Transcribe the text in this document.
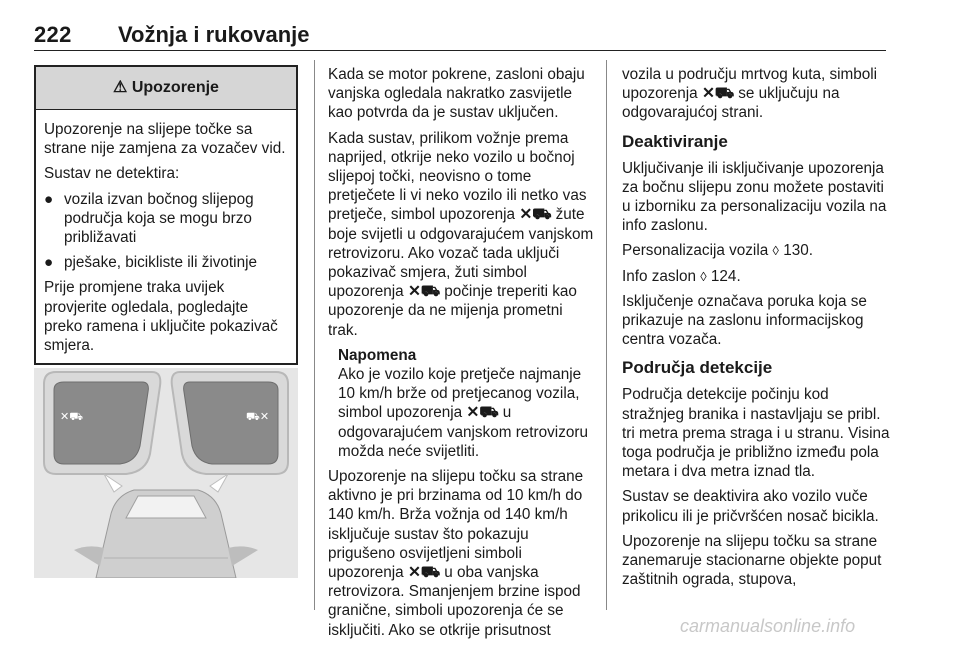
222 Vožnja i rukovanje
⚠ Upozorenje

Upozorenje na slijepe točke sa strane nije zamjena za vozačev vid.

Sustav ne detektira:

● vozila izvan bočnog slijepog područja koja se mogu brzo približavati
● pješake, bicikliste ili životinje

Prije promjene traka uvijek provjerite ogledala, pogledajte preko ramena i uključite pokazivač smjera.

✕⛟	⛟✕

Kada se motor pokrene, zasloni obaju vanjska ogledala nakratko zasvijetle kao potvrda da je sustav uključen.

Kada sustav, prilikom vožnje prema naprijed, otkrije neko vozilo u bočnoj slijepoj točki, neovisno o tome pretječete li vi neko vozilo ili netko vas pretječe, simbol upozorenja ✕⛟ žute boje svijetli u odgovarajućem vanjskom retrovizoru. Ako vozač tada uključi pokazivač smjera, žuti simbol upozorenja ✕⛟ počinje treperiti kao upozorenje da ne mijenja prometni trak.

Napomena
Ako je vozilo koje pretječe najmanje 10 km/h brže od pretjecanog vozila, simbol upozorenja ✕⛟ u odgovarajućem vanjskom retrovizoru možda neće svijetliti.

Upozorenje na slijepu točku sa strane aktivno je pri brzinama od 10 km/h do 140 km/h. Brža vožnja od 140 km/h isključuje sustav što pokazuju prigušeno osvijetljeni simboli upozorenja ✕⛟ u oba vanjska retrovizora. Smanjenjem brzine ispod granične, simboli upozorenja će se isključiti. Ako se otkrije prisutnost

vozila u području mrtvog kuta, simboli upozorenja ✕⛟ se uključuju na odgovarajućoj strani.

Deaktiviranje

Uključivanje ili isključivanje upozorenja za bočnu slijepu zonu možete postaviti u izborniku za personalizaciju vozila na info zaslonu.

Personalizacija vozila ◊ 130.

Info zaslon ◊ 124.

Isključenje označava poruka koja se prikazuje na zaslonu informacijskog centra vozača.

Područja detekcije

Područja detekcije počinju kod stražnjeg branika i nastavljaju se pribl. tri metra prema straga i u stranu. Visina toga područja je približno između pola metara i dva metra iznad tla.

Sustav se deaktivira ako vozilo vuče prikolicu ili je pričvršćen nosač bicikla.

Upozorenje na slijepu točku sa strane zanemaruje stacionarne objekte poput zaštitnih ograda, stupova,

carmanualsonline.info
